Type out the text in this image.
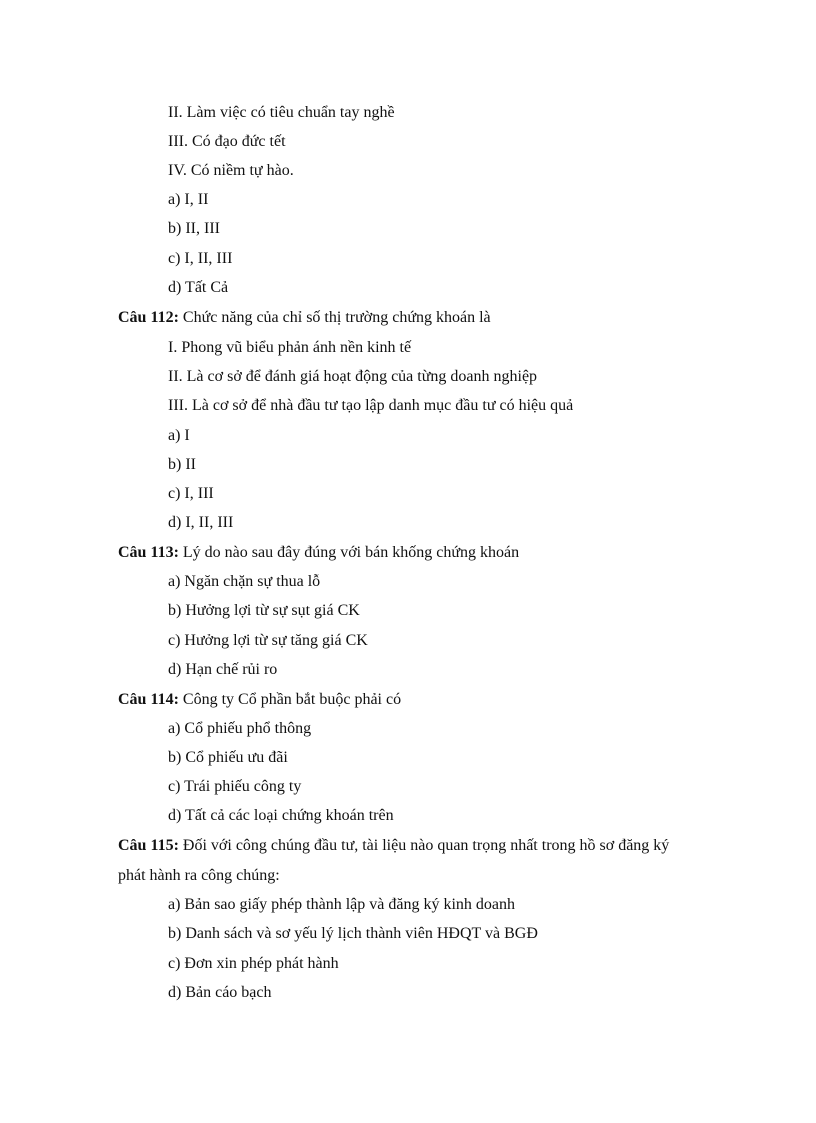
II. Làm việc có tiêu chuẩn tay nghề
III. Có đạo đức tết
IV. Có niềm tự hào.
a) I, II
b) II, III
c) I, II, III
d) Tất Cả
Câu 112: Chức năng của chỉ số thị trường chứng khoán là
I. Phong vũ biểu phản ánh nền kinh tế
II. Là cơ sở để đánh giá hoạt động của từng doanh nghiệp
III. Là cơ sở để nhà đầu tư tạo lập danh mục đầu tư có hiệu quả
a) I
b) II
c) I, III
d) I, II, III
Câu 113: Lý do nào sau đây đúng với bán khống chứng khoán
a) Ngăn chặn sự thua lỗ
b) Hưởng lợi từ sự sụt giá CK
c) Hưởng lợi từ sự tăng giá CK
d) Hạn chế rủi ro
Câu 114: Công ty Cổ phần bắt buộc phải có
a) Cổ phiếu phổ thông
b) Cổ phiếu ưu đãi
c) Trái phiếu công ty
d) Tất cả các loại chứng khoán trên
Câu 115: Đối với công chúng đầu tư, tài liệu nào quan trọng nhất trong hồ sơ đăng ký
phát hành ra công chúng:
a) Bản sao giấy phép thành lập và đăng ký kinh doanh
b) Danh sách và sơ yếu lý lịch thành viên HĐQT và BGĐ
c) Đơn xin phép phát hành
d) Bản cáo bạch
